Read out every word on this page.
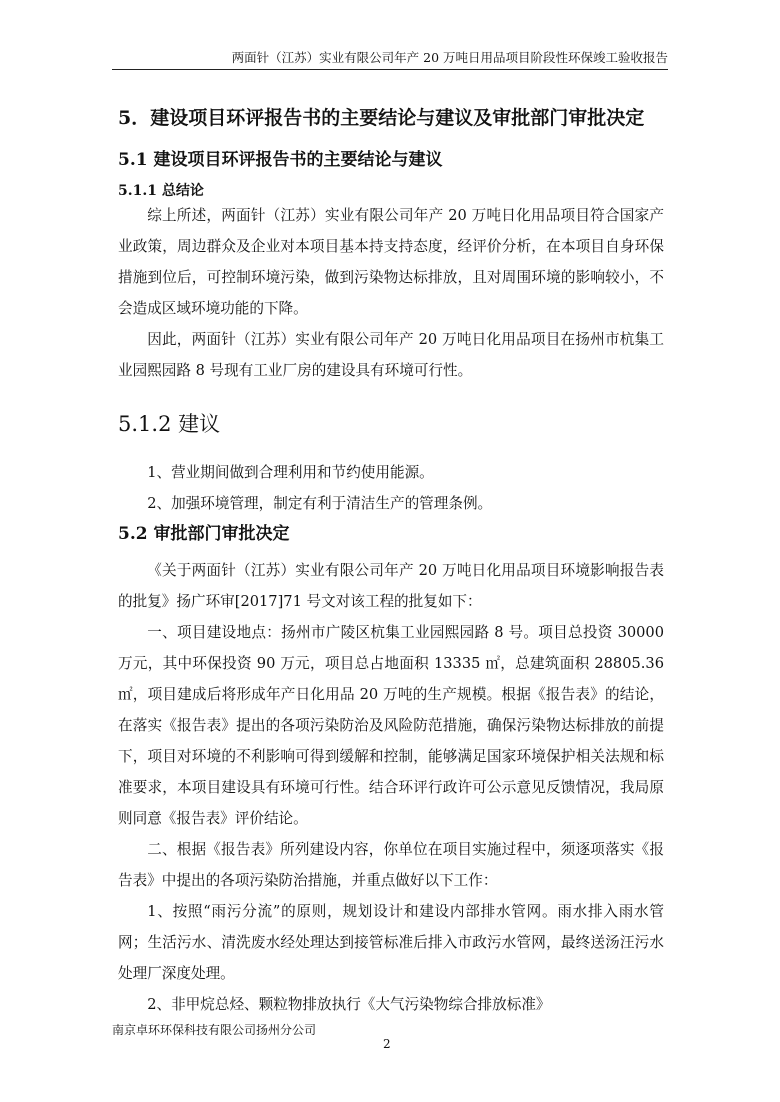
两面针（江苏）实业有限公司年产 20 万吨日用品项目阶段性环保竣工验收报告
5．建设项目环评报告书的主要结论与建议及审批部门审批决定
5.1 建设项目环评报告书的主要结论与建议
5.1.1 总结论
综上所述，两面针（江苏）实业有限公司年产 20 万吨日化用品项目符合国家产业政策，周边群众及企业对本项目基本持支持态度，经评价分析，在本项目自身环保措施到位后，可控制环境污染，做到污染物达标排放，且对周围环境的影响较小，不会造成区域环境功能的下降。
因此，两面针（江苏）实业有限公司年产 20 万吨日化用品项目在扬州市杭集工业园熙园路 8 号现有工业厂房的建设具有环境可行性。
5.1.2 建议
1、营业期间做到合理利用和节约使用能源。
2、加强环境管理，制定有利于清洁生产的管理条例。
5.2 审批部门审批决定
《关于两面针（江苏）实业有限公司年产 20 万吨日化用品项目环境影响报告表的批复》扬广环审[2017]71 号文对该工程的批复如下：
一、项目建设地点：扬州市广陵区杭集工业园熙园路 8 号。项目总投资 30000 万元，其中环保投资 90 万元，项目总占地面积 13335 ㎡，总建筑面积 28805.36 ㎡，项目建成后将形成年产日化用品 20 万吨的生产规模。根据《报告表》的结论，在落实《报告表》提出的各项污染防治及风险防范措施，确保污染物达标排放的前提下，项目对环境的不利影响可得到缓解和控制，能够满足国家环境保护相关法规和标准要求，本项目建设具有环境可行性。结合环评行政许可公示意见反馈情况，我局原则同意《报告表》评价结论。
二、根据《报告表》所列建设内容，你单位在项目实施过程中，须逐项落实《报告表》中提出的各项污染防治措施，并重点做好以下工作：
1、按照“雨污分流”的原则，规划设计和建设内部排水管网。雨水排入雨水管网；生活污水、清洗废水经处理达到接管标准后排入市政污水管网，最终送汤汪污水处理厂深度处理。
2、非甲烷总烃、颗粒物排放执行《大气污染物综合排放标准》
南京卓环环保科技有限公司扬州分公司
2
